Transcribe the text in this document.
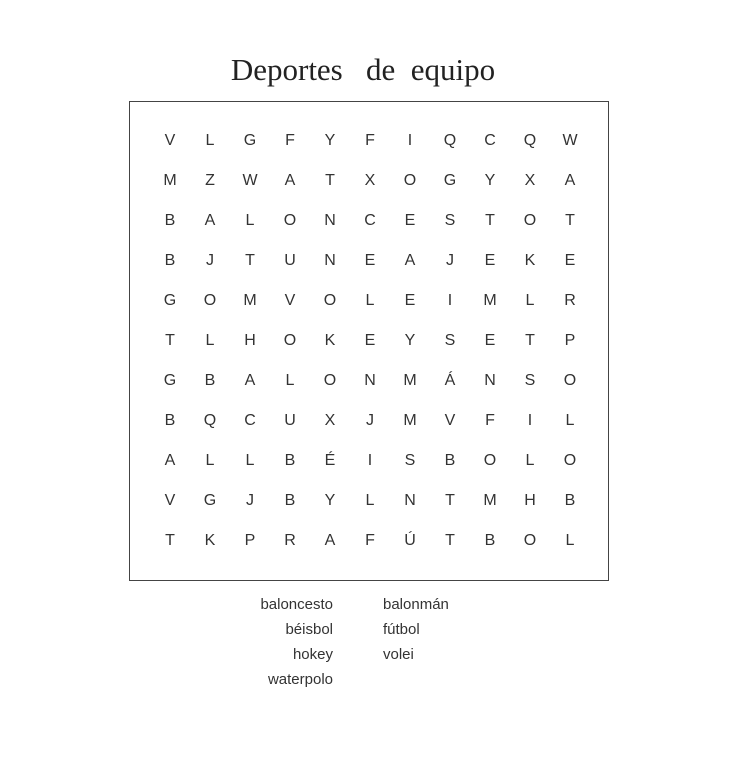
Deportes   de  equipo
V	L	G	F	Y	F	I	Q	C	Q	W
M	Z	W	A	T	X	O	G	Y	X	A
B	A	L	O	N	C	E	S	T	O	T
B	J	T	U	N	E	A	J	E	K	E
G	O	M	V	O	L	E	I	M	L	R
T	L	H	O	K	E	Y	S	E	T	P
G	B	A	L	O	N	M	Á	N	S	O
B	Q	C	U	X	J	M	V	F	I	L
A	L	L	B	É	I	S	B	O	L	O
V	G	J	B	Y	L	N	T	M	H	B
T	K	P	R	A	F	Ú	T	B	O	L
baloncesto
béisbol
hokey
waterpolo
balonmán
fútbol
volei
